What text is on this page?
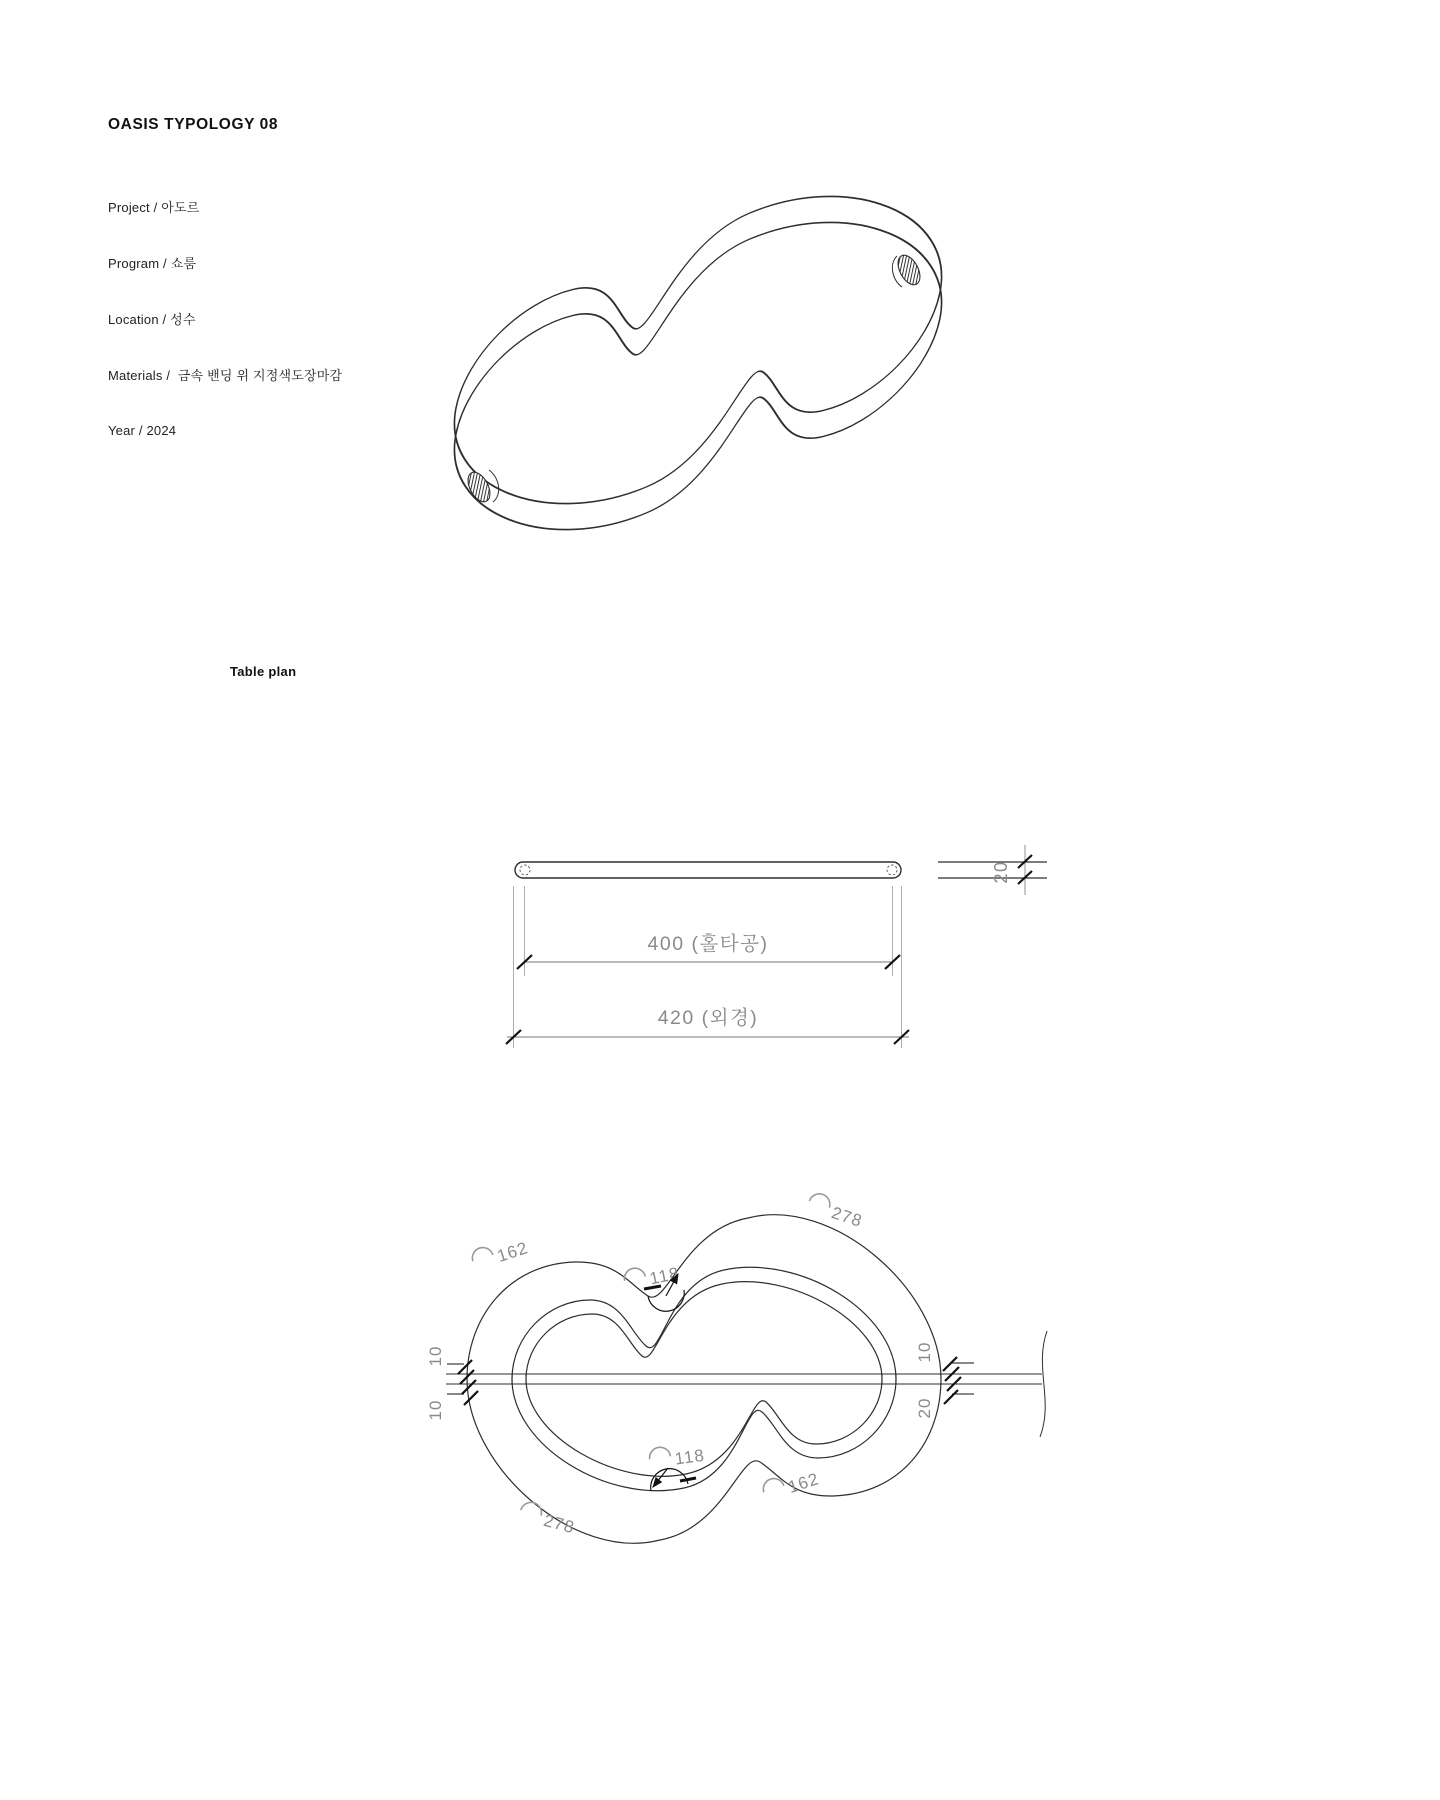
OASIS TYPOLOGY 08

Project / 아도르

Program / 쇼룸

Location / 성수

Materials /  금속 밴딩 위 지정색도장마감

Year / 2024

Table plan
20
400 (홀타공)
420 (외경)
10
10
10
20
162
118
278
118
162
278
